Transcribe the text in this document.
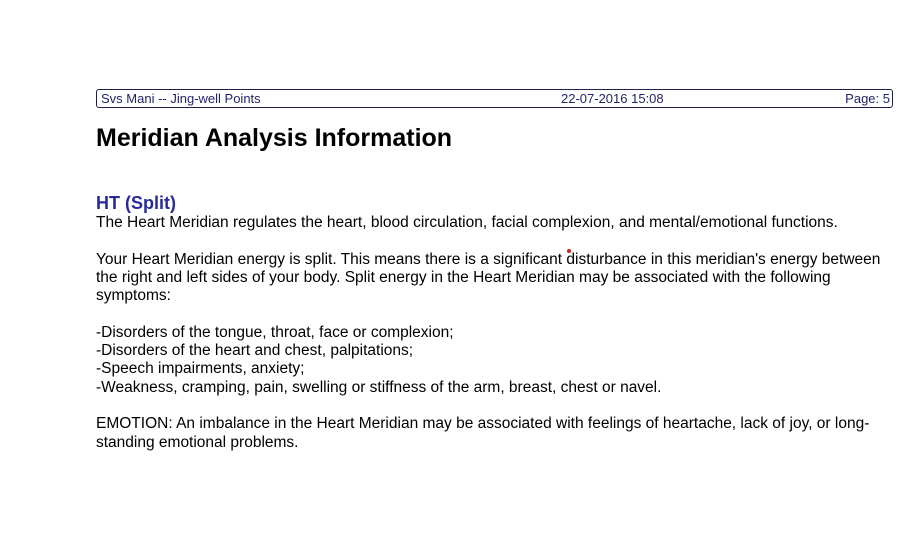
Svs Mani -- Jing-well Points	22-07-2016 15:08	Page: 5
Meridian Analysis Information
HT (Split)

The Heart Meridian regulates the heart, blood circulation, facial complexion, and mental/emotional functions.

Your Heart Meridian energy is split. This means there is a significant disturbance in this meridian's energy between the right and left sides of your body. Split energy in the Heart Meridian may be associated with the following symptoms:

-Disorders of the tongue, throat, face or complexion;
-Disorders of the heart and chest, palpitations;
-Speech impairments, anxiety;
-Weakness, cramping, pain, swelling or stiffness of the arm, breast, chest or navel.

EMOTION: An imbalance in the Heart Meridian may be associated with feelings of heartache, lack of joy, or long-standing emotional problems.
